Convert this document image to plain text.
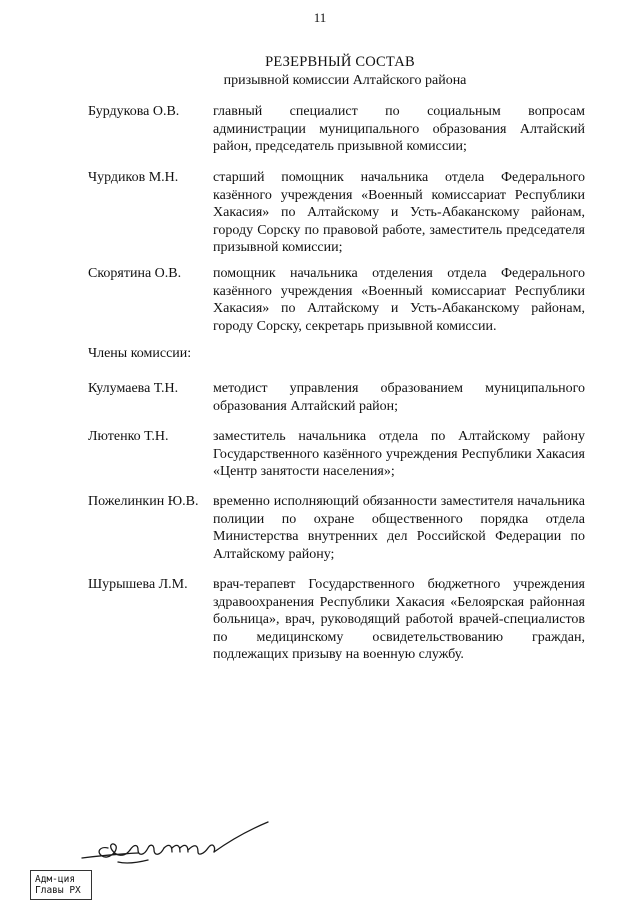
11
РЕЗЕРВНЫЙ СОСТАВ
призывной комиссии Алтайского района
Бурдукова О.В. главный специалист по социальным вопросам администрации муниципального образования Алтайский район, председатель призывной комиссии;
Чурдиков М.Н. старший помощник начальника отдела Федерального казённого учреждения «Военный комиссариат Республики Хакасия» по Алтайскому и Усть-Абаканскому районам, городу Сорску по правовой работе, заместитель председателя призывной комиссии;
Скорятина О.В. помощник начальника отделения отдела Федерального казённого учреждения «Военный комиссариат Республики Хакасия» по Алтайскому и Усть-Абаканскому районам, городу Сорску, секретарь призывной комиссии.
Члены комиссии:
Кулумаева Т.Н. методист управления образованием муниципального образования Алтайский район;
Лютенко Т.Н.	заместитель начальника отдела по Алтайскому району Государственного казённого учреждения Республики Хакасия «Центр занятости населения»;
Пожелинкин Ю.В. временно исполняющий обязанности заместителя начальника полиции по охране общественного порядка отдела Министерства внутренних дел Российской Федерации по Алтайскому району;
Шурышева Л.М. врач-терапевт Государственного бюджетного учреждения здравоохранения Республики Хакасия «Белоярская районная больница», врач, руководящий работой врачей-специалистов по медицинскому освидетельствованию граждан, подлежащих призыву на военную службу.
Адм-ция
Главы РХ
